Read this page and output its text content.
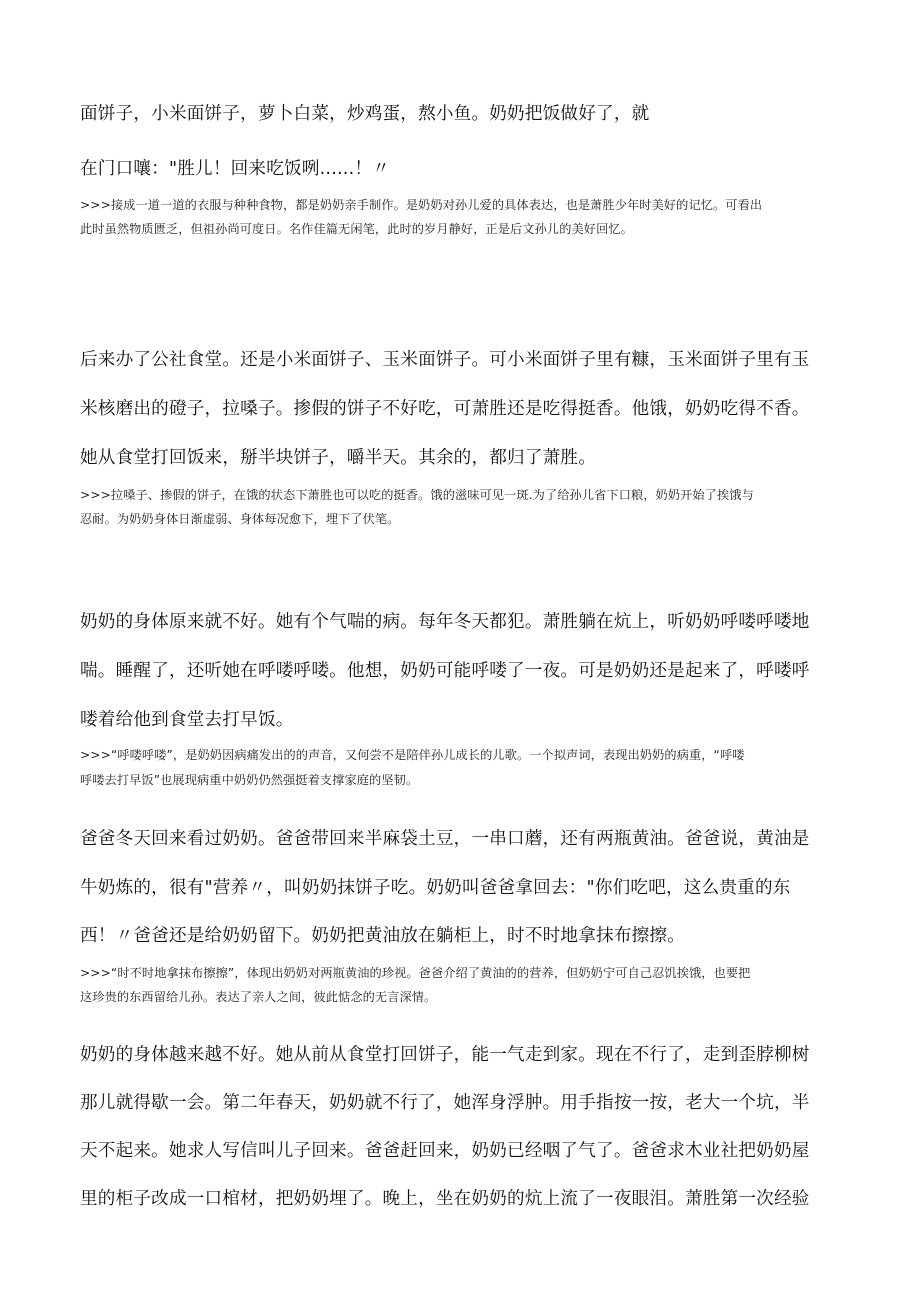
面饼子，小米面饼子，萝卜白菜，炒鸡蛋，熬小鱼。奶奶把饭做好了，就
在门口嚷："胜儿！回来吃饭咧......！〃
>>>接成一道一道的衣服与种种食物，都是奶奶亲手制作。是奶奶对孙儿爱的具体表达，也是萧胜少年时美好的记忆。可看出
此时虽然物质匮乏，但祖孙尚可度日。名作佳篇无闲笔，此时的岁月静好，正是后文孙儿的美好回忆。
后来办了公社食堂。还是小米面饼子、玉米面饼子。可小米面饼子里有糠，玉米面饼子里有玉
米核磨出的磴子，拉嗓子。掺假的饼子不好吃，可萧胜还是吃得挺香。他饿，奶奶吃得不香。
她从食堂打回饭来，掰半块饼子，嚼半天。其余的，都归了萧胜。
>>>拉嗓子、掺假的饼子，在饿的状态下萧胜也可以吃的挺香。饿的滋味可见一斑.为了给孙儿省下口粮，奶奶开始了挨饿与
忍耐。为奶奶身体日渐虚弱、身体每况愈下，埋下了伏笔。
奶奶的身体原来就不好。她有个气喘的病。每年冬天都犯。萧胜躺在炕上，听奶奶呼喽呼喽地
喘。睡醒了，还听她在呼喽呼喽。他想，奶奶可能呼喽了一夜。可是奶奶还是起来了，呼喽呼
喽着给他到食堂去打早饭。
>>>“呼喽呼喽”，是奶奶因病痛发出的的声音，又何尝不是陪伴孙儿成长的儿歌。一个拟声词，表现出奶奶的病重，“呼喽
呼喽去打早饭”也展现病重中奶奶仍然强挺着支撑家庭的坚韧。
爸爸冬天回来看过奶奶。爸爸带回来半麻袋土豆，一串口蘑，还有两瓶黄油。爸爸说，黄油是
牛奶炼的，很有"营养〃，叫奶奶抹饼子吃。奶奶叫爸爸拿回去："你们吃吧，这么贵重的东
西！〃爸爸还是给奶奶留下。奶奶把黄油放在躺柜上，时不时地拿抹布擦擦。
>>>“时不时地拿抹布擦擦”，体现出奶奶对两瓶黄油的珍视。爸爸介绍了黄油的的营养，但奶奶宁可自己忍饥挨饿，也要把
这珍贵的东西留给儿孙。表达了亲人之间，彼此惦念的无言深情。
奶奶的身体越来越不好。她从前从食堂打回饼子，能一气走到家。现在不行了，走到歪脖柳树
那儿就得歇一会。第二年春天，奶奶就不行了，她浑身浮肿。用手指按一按，老大一个坑，半
天不起来。她求人写信叫儿子回来。爸爸赶回来，奶奶已经咽了气了。爸爸求木业社把奶奶屋
里的柜子改成一口棺材，把奶奶埋了。晚上，坐在奶奶的炕上流了一夜眼泪。萧胜第一次经验
